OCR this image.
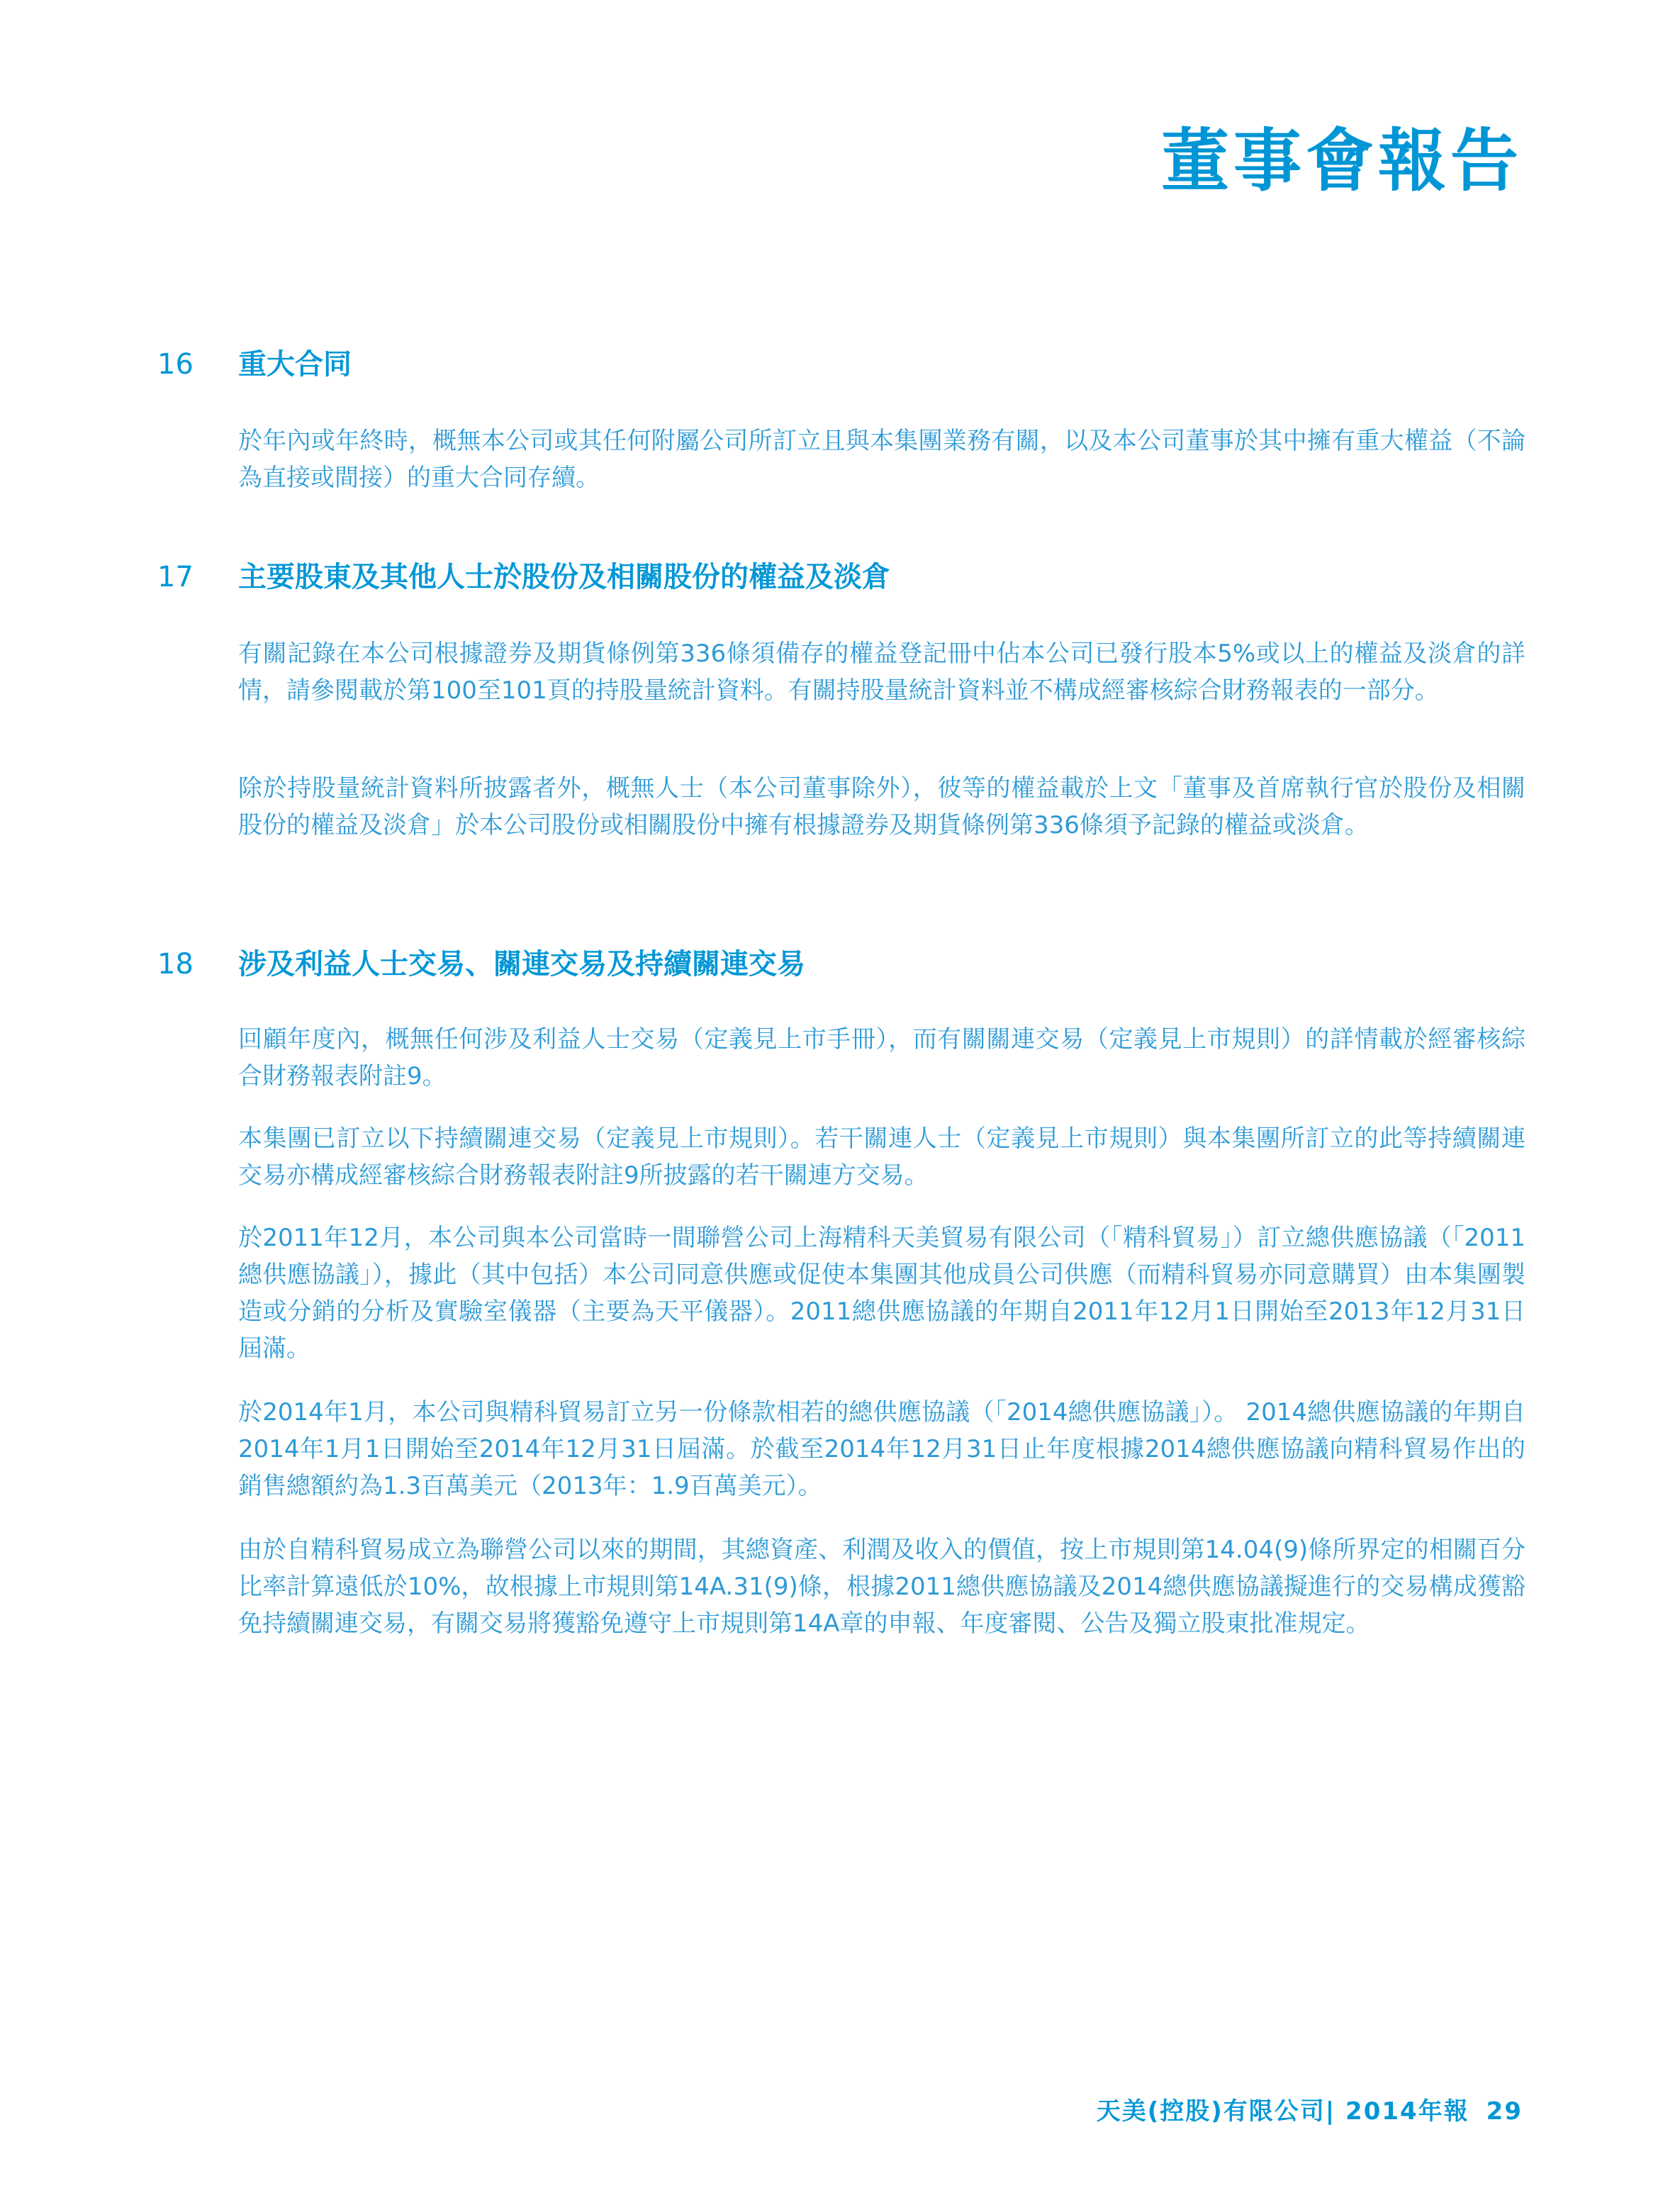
董事會報告
16 重大合同

於年內或年終時，概無本公司或其任何附屬公司所訂立且與本集團業務有關，以及本公司董事於其中擁有重大權益（不論為直接或間接）的重大合同存續。

17 主要股東及其他人士於股份及相關股份的權益及淡倉

有關記錄在本公司根據證券及期貨條例第336條須備存的權益登記冊中佔本公司已發行股本5%或以上的權益及淡倉的詳情，請參閱載於第100至101頁的持股量統計資料。有關持股量統計資料並不構成經審核綜合財務報表的一部分。

除於持股量統計資料所披露者外，概無人士（本公司董事除外），彼等的權益載於上文「董事及首席執行官於股份及相關股份的權益及淡倉」於本公司股份或相關股份中擁有根據證券及期貨條例第336條須予記錄的權益或淡倉。

18 涉及利益人士交易、關連交易及持續關連交易

回顧年度內，概無任何涉及利益人士交易（定義見上市手冊），而有關關連交易（定義見上市規則）的詳情載於經審核綜合財務報表附註9。

本集團已訂立以下持續關連交易（定義見上市規則）。若干關連人士（定義見上市規則）與本集團所訂立的此等持續關連交易亦構成經審核綜合財務報表附註9所披露的若干關連方交易。

於2011年12月，本公司與本公司當時一間聯營公司上海精科天美貿易有限公司（「精科貿易」）訂立總供應協議（「2011總供應協議」），據此（其中包括）本公司同意供應或促使本集團其他成員公司供應（而精科貿易亦同意購買）由本集團製造或分銷的分析及實驗室儀器（主要為天平儀器）。2011總供應協議的年期自2011年12月1日開始至2013年12月31日屆滿。

於2014年1月，本公司與精科貿易訂立另一份條款相若的總供應協議（「2014總供應協議」）。 2014總供應協議的年期自2014年1月1日開始至2014年12月31日屆滿。於截至2014年12月31日止年度根據2014總供應協議向精科貿易作出的銷售總額約為1.3百萬美元（2013年：1.9百萬美元）。

由於自精科貿易成立為聯營公司以來的期間，其總資產、利潤及收入的價值，按上市規則第14.04(9)條所界定的相關百分比率計算遠低於10%，故根據上市規則第14A.31(9)條，根據2011總供應協議及2014總供應協議擬進行的交易構成獲豁免持續關連交易，有關交易將獲豁免遵守上市規則第14A章的申報、年度審閱、公告及獨立股東批准規定。

天美(控股)有限公司| 2014年報 29
